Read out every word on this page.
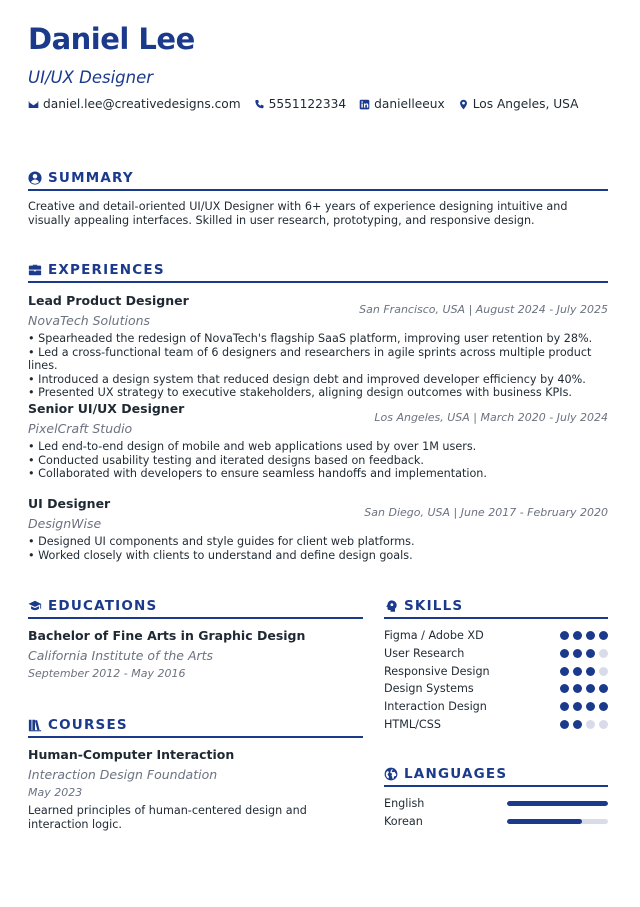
Daniel Lee
UI/UX Designer
daniel.lee@creativedesigns.com 5551122334 danielleeux Los Angeles, USA
SUMMARY
Creative and detail-oriented UI/UX Designer with 6+ years of experience designing intuitive and visually appealing interfaces. Skilled in user research, prototyping, and responsive design.
EXPERIENCES
Lead Product Designer
San Francisco, USA | August 2024 - July 2025
NovaTech Solutions
• Spearheaded the redesign of NovaTech's flagship SaaS platform, improving user retention by 28%.
• Led a cross-functional team of 6 designers and researchers in agile sprints across multiple product lines.
• Introduced a design system that reduced design debt and improved developer efficiency by 40%.
• Presented UX strategy to executive stakeholders, aligning design outcomes with business KPIs.
Senior UI/UX Designer
Los Angeles, USA | March 2020 - July 2024
PixelCraft Studio
• Led end-to-end design of mobile and web applications used by over 1M users.
• Conducted usability testing and iterated designs based on feedback.
• Collaborated with developers to ensure seamless handoffs and implementation.
UI Designer
San Diego, USA | June 2017 - February 2020
DesignWise
• Designed UI components and style guides for client web platforms.
• Worked closely with clients to understand and define design goals.
EDUCATIONS
Bachelor of Fine Arts in Graphic Design
California Institute of the Arts
September 2012 - May 2016
COURSES
Human-Computer Interaction
Interaction Design Foundation
May 2023
Learned principles of human-centered design and interaction logic.
SKILLS
Figma / Adobe XD
User Research
Responsive Design
Design Systems
Interaction Design
HTML/CSS
LANGUAGES
English
Korean
